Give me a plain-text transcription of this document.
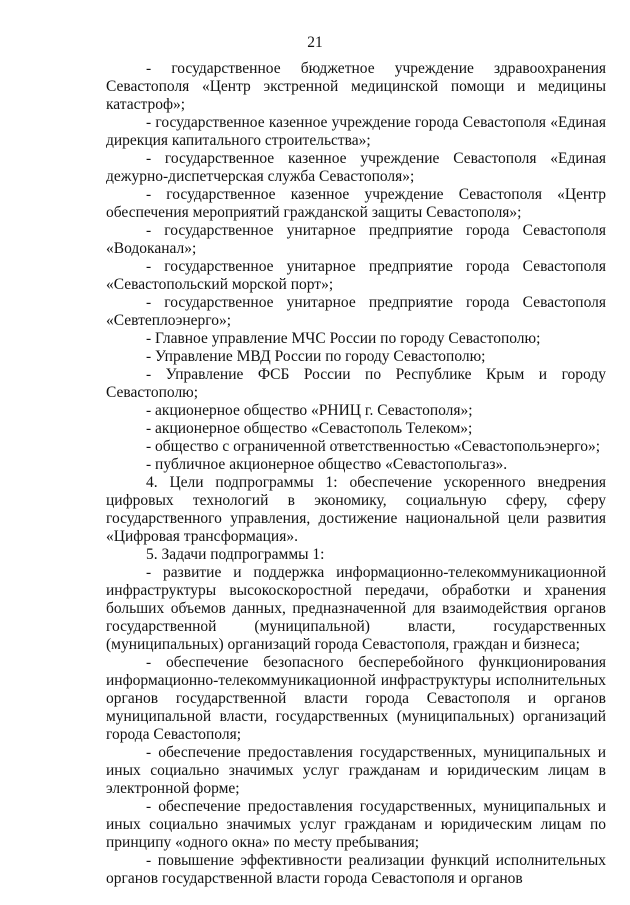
21

- государственное бюджетное учреждение здравоохранения Севастополя «Центр экстренной медицинской помощи и медицины катастроф»;

- государственное казенное учреждение города Севастополя «Единая дирекция капитального строительства»;

- государственное казенное учреждение Севастополя «Единая дежурно-диспетчерская служба Севастополя»;

- государственное казенное учреждение Севастополя «Центр обеспечения мероприятий гражданской защиты Севастополя»;

- государственное унитарное предприятие города Севастополя «Водоканал»;

- государственное унитарное предприятие города Севастополя «Севастопольский морской порт»;

- государственное унитарное предприятие города Севастополя «Севтеплоэнерго»;

- Главное управление МЧС России по городу Севастополю;

- Управление МВД России по городу Севастополю;

- Управление ФСБ России по Республике Крым и городу Севастополю;

- акционерное общество «РНИЦ г. Севастополя»;

- акционерное общество «Севастополь Телеком»;

- общество с ограниченной ответственностью «Севастопольэнерго»;

- публичное акционерное общество «Севастопольгаз».

4. Цели подпрограммы 1: обеспечение ускоренного внедрения цифровых технологий в экономику, социальную сферу, сферу государственного управления, достижение национальной цели развития «Цифровая трансформация».

5. Задачи подпрограммы 1:

- развитие и поддержка информационно-телекоммуникационной инфраструктуры высокоскоростной передачи, обработки и хранения больших объемов данных, предназначенной для взаимодействия органов государственной (муниципальной) власти, государственных (муниципальных) организаций города Севастополя, граждан и бизнеса;

- обеспечение безопасного бесперебойного функционирования информационно-телекоммуникационной инфраструктуры исполнительных органов государственной власти города Севастополя и органов муниципальной власти, государственных (муниципальных) организаций города Севастополя;

- обеспечение предоставления государственных, муниципальных и иных социально значимых услуг гражданам и юридическим лицам в электронной форме;

- обеспечение предоставления государственных, муниципальных и иных социально значимых услуг гражданам и юридическим лицам по принципу «одного окна» по месту пребывания;

- повышение эффективности реализации функций исполнительных органов государственной власти города Севастополя и органов
